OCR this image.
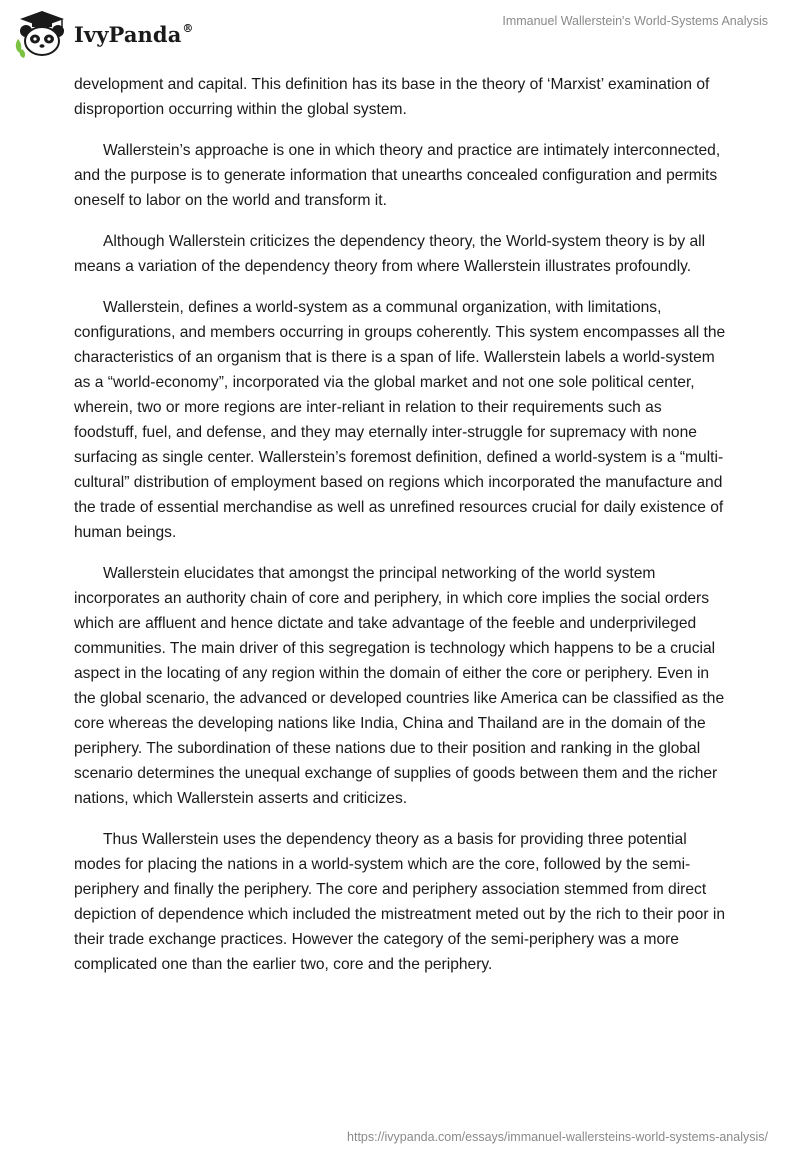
IvyPanda®	Immanuel Wallerstein's World-Systems Analysis

development and capital. This definition has its base in the theory of ‘Marxist’ examination of disproportion occurring within the global system.

Wallerstein’s approache is one in which theory and practice are intimately interconnected, and the purpose is to generate information that unearths concealed configuration and permits oneself to labor on the world and transform it.

Although Wallerstein criticizes the dependency theory, the World-system theory is by all means a variation of the dependency theory from where Wallerstein illustrates profoundly.

Wallerstein, defines a world-system as a communal organization, with limitations, configurations, and members occurring in groups coherently. This system encompasses all the characteristics of an organism that is there is a span of life. Wallerstein labels a world-system as a “world-economy”, incorporated via the global market and not one sole political center, wherein, two or more regions are inter-reliant in relation to their requirements such as foodstuff, fuel, and defense, and they may eternally inter-struggle for supremacy with none surfacing as single center. Wallerstein’s foremost definition, defined a world-system is a “multi-cultural” distribution of employment based on regions which incorporated the manufacture and the trade of essential merchandise as well as unrefined resources crucial for daily existence of human beings.

Wallerstein elucidates that amongst the principal networking of the world system incorporates an authority chain of core and periphery, in which core implies the social orders which are affluent and hence dictate and take advantage of the feeble and underprivileged communities. The main driver of this segregation is technology which happens to be a crucial aspect in the locating of any region within the domain of either the core or periphery. Even in the global scenario, the advanced or developed countries like America can be classified as the core whereas the developing nations like India, China and Thailand are in the domain of the periphery. The subordination of these nations due to their position and ranking in the global scenario determines the unequal exchange of supplies of goods between them and the richer nations, which Wallerstein asserts and criticizes.

Thus Wallerstein uses the dependency theory as a basis for providing three potential modes for placing the nations in a world-system which are the core, followed by the semi-periphery and finally the periphery. The core and periphery association stemmed from direct depiction of dependence which included the mistreatment meted out by the rich to their poor in their trade exchange practices. However the category of the semi-periphery was a more complicated one than the earlier two, core and the periphery.

https://ivypanda.com/essays/immanuel-wallersteins-world-systems-analysis/
